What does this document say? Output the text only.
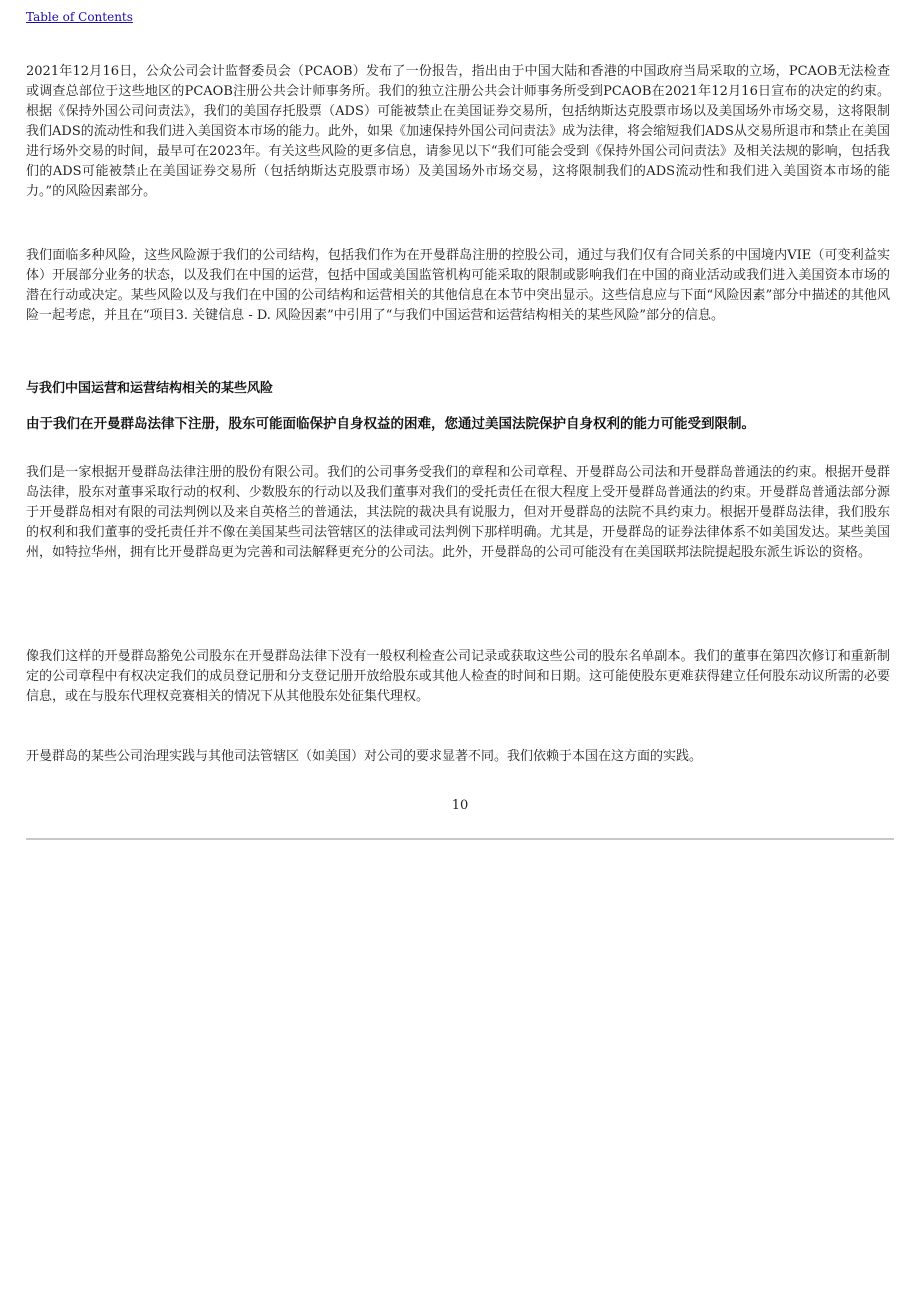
Table of Contents

2021年12月16日，公众公司会计监督委员会（PCAOB）发布了一份报告，指出由于中国大陆和香港的中国政府当局采取的立场，PCAOB无法检查或调查总部位于这些地区的PCAOB注册公共会计师事务所。我们的独立注册公共会计师事务所受到PCAOB在2021年12月16日宣布的决定的约束。根据《保持外国公司问责法》，我们的美国存托股票（ADS）可能被禁止在美国证券交易所，包括纳斯达克股票市场以及美国场外市场交易，这将限制我们ADS的流动性和我们进入美国资本市场的能力。此外，如果《加速保持外国公司问责法》成为法律，将会缩短我们ADS从交易所退市和禁止在美国进行场外交易的时间，最早可在2023年。有关这些风险的更多信息，请参见以下“我们可能会受到《保持外国公司问责法》及相关法规的影响，包括我们的ADS可能被禁止在美国证券交易所（包括纳斯达克股票市场）及美国场外市场交易，这将限制我们的ADS流动性和我们进入美国资本市场的能力。”的风险因素部分。

我们面临多种风险，这些风险源于我们的公司结构，包括我们作为在开曼群岛注册的控股公司，通过与我们仅有合同关系的中国境内VIE（可变利益实体）开展部分业务的状态，以及我们在中国的运营，包括中国或美国监管机构可能采取的限制或影响我们在中国的商业活动或我们进入美国资本市场的潜在行动或决定。某些风险以及与我们在中国的公司结构和运营相关的其他信息在本节中突出显示。这些信息应与下面“风险因素”部分中描述的其他风险一起考虑，并且在“项目3. 关键信息 - D. 风险因素”中引用了“与我们中国运营和运营结构相关的某些风险”部分的信息。

与我们中国运营和运营结构相关的某些风险
由于我们在开曼群岛法律下注册，股东可能面临保护自身权益的困难，您通过美国法院保护自身权利的能力可能受到限制。

我们是一家根据开曼群岛法律注册的股份有限公司。我们的公司事务受我们的章程和公司章程、开曼群岛公司法和开曼群岛普通法的约束。根据开曼群岛法律，股东对董事采取行动的权利、少数股东的行动以及我们董事对我们的受托责任在很大程度上受开曼群岛普通法的约束。开曼群岛普通法部分源于开曼群岛相对有限的司法判例以及来自英格兰的普通法，其法院的裁决具有说服力，但对开曼群岛的法院不具约束力。根据开曼群岛法律，我们股东的权利和我们董事的受托责任并不像在美国某些司法管辖区的法律或司法判例下那样明确。尤其是，开曼群岛的证券法律体系不如美国发达。某些美国州，如特拉华州，拥有比开曼群岛更为完善和司法解释更充分的公司法。此外，开曼群岛的公司可能没有在美国联邦法院提起股东派生诉讼的资格。

像我们这样的开曼群岛豁免公司股东在开曼群岛法律下没有一般权利检查公司记录或获取这些公司的股东名单副本。我们的董事在第四次修订和重新制定的公司章程中有权决定我们的成员登记册和分支登记册开放给股东或其他人检查的时间和日期。这可能使股东更难获得建立任何股东动议所需的必要信息，或在与股东代理权竞赛相关的情况下从其他股东处征集代理权。

开曼群岛的某些公司治理实践与其他司法管辖区（如美国）对公司的要求显著不同。我们依赖于本国在这方面的实践。

10
